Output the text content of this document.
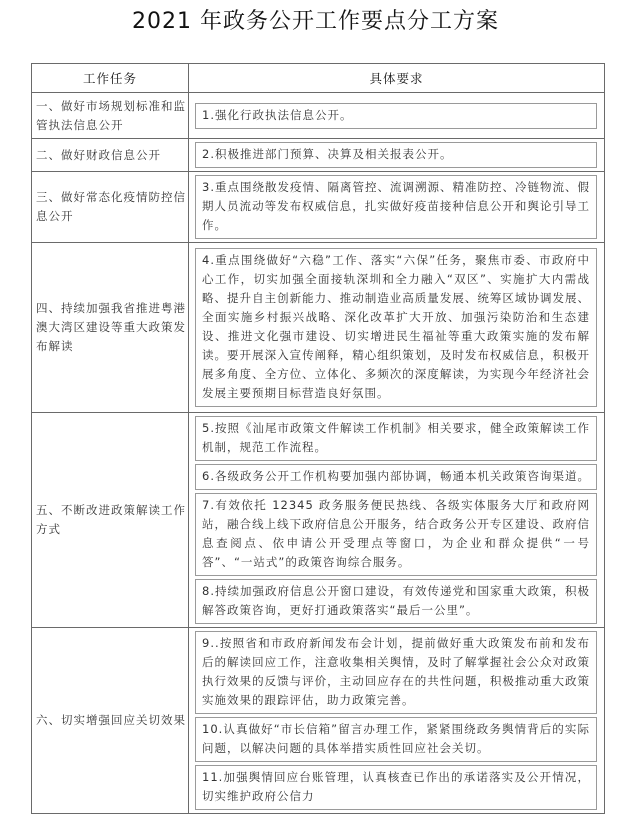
2021 年政务公开工作要点分工方案
工作任务	具体要求

一、做好市场规划标准和监管执法信息公开	1.强化行政执法信息公开。

二、做好财政信息公开	2.积极推进部门预算、决算及相关报表公开。

三、做好常态化疫情防控信息公开	3.重点围绕散发疫情、隔离管控、流调溯源、精准防控、冷链物流、假期人员流动等发布权威信息，扎实做好疫苗接种信息公开和舆论引导工作。

四、持续加强我省推进粤港澳大湾区建设等重大政策发布解读	4.重点围绕做好“六稳”工作、落实“六保”任务，聚焦市委、市政府中心工作，切实加强全面接轨深圳和全力融入“双区”、实施扩大内需战略、提升自主创新能力、推动制造业高质量发展、统筹区域协调发展、全面实施乡村振兴战略、深化改革扩大开放、加强污染防治和生态建设、推进文化强市建设、切实增进民生福祉等重大政策实施的发布解读。要开展深入宣传阐释，精心组织策划，及时发布权威信息，积极开展多角度、全方位、立体化、多频次的深度解读，为实现今年经济社会发展主要预期目标营造良好氛围。

五、不断改进政策解读工作方式	5.按照《汕尾市政策文件解读工作机制》相关要求，健全政策解读工作机制，规范工作流程。
6.各级政务公开工作机构要加强内部协调，畅通本机关政策咨询渠道。
7.有效依托 12345 政务服务便民热线、各级实体服务大厅和政府网站，融合线上线下政府信息公开服务，结合政务公开专区建设、政府信息查阅点、依申请公开受理点等窗口，为企业和群众提供“一号答”、“一站式”的政策咨询综合服务。
8.持续加强政府信息公开窗口建设，有效传递党和国家重大政策，积极解答政策咨询，更好打通政策落实“最后一公里”。

六、切实增强回应关切效果	9..按照省和市政府新闻发布会计划，提前做好重大政策发布前和发布后的解读回应工作，注意收集相关舆情，及时了解掌握社会公众对政策执行效果的反馈与评价，主动回应存在的共性问题，积极推动重大政策实施效果的跟踪评估，助力政策完善。
10.认真做好“市长信箱”留言办理工作，紧紧围绕政务舆情背后的实际问题，以解决问题的具体举措实质性回应社会关切。
11.加强舆情回应台账管理，认真核查已作出的承诺落实及公开情况，切实维护政府公信力
